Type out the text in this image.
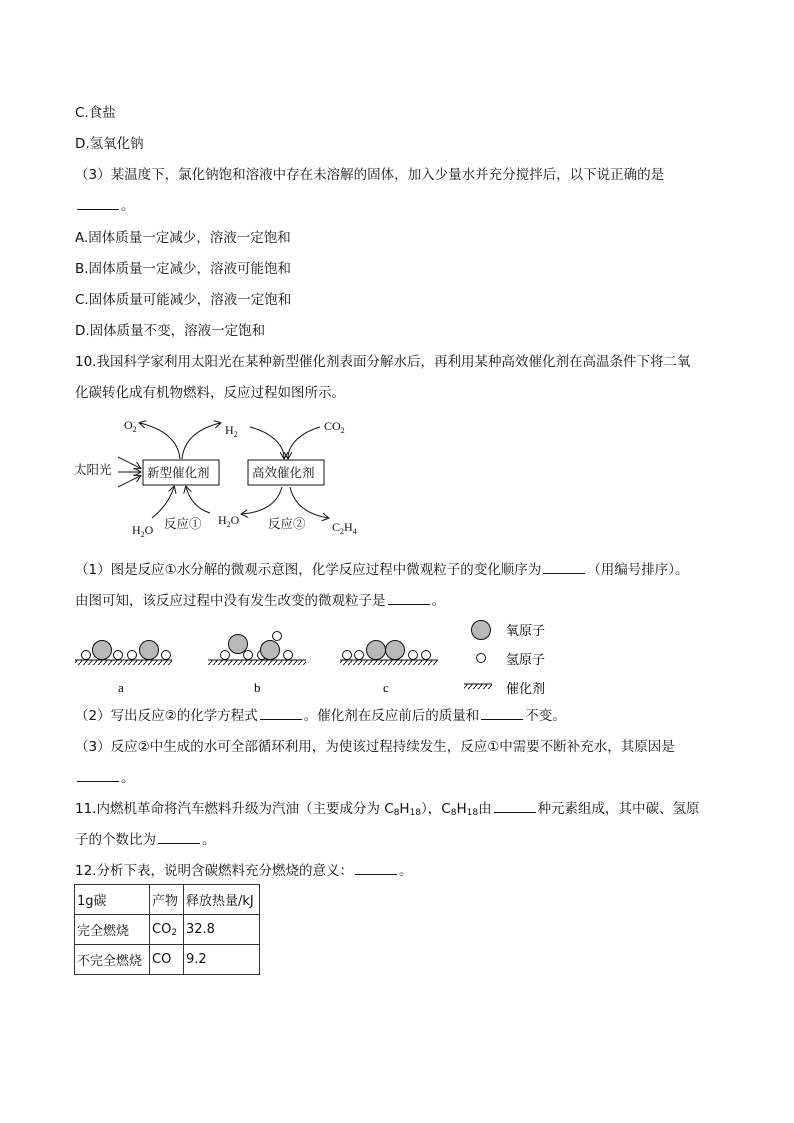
C.食盐
D.氢氧化钠
（3）某温度下，氯化钠饱和溶液中存在未溶解的固体，加入少量水并充分搅拌后，以下说正确的是
。
A.固体质量一定减少，溶液一定饱和
B.固体质量一定减少，溶液可能饱和
C.固体质量可能减少，溶液一定饱和
D.固体质量不变，溶液一定饱和
10.我国科学家利用太阳光在某种新型催化剂表面分解水后，再利用某种高效催化剂在高温条件下将二氧
化碳转化成有机物燃料，反应过程如图所示。
新型催化剂	高效催化剂
太阳光
$O_2$	$H_2$
$CO_2$
$H_2O$ 反应① $H_2O$ 反应② $C_2H_4$
（1）图是反应①水分解的微观示意图，化学反应过程中微观粒子的变化顺序为	（用编号排序）。
由图可知，该反应过程中没有发生改变的微观粒子是	。
a	b	c
氧原子
氢原子
催化剂
（2）写出反应②的化学方程式	。催化剂在反应前后的质量和	不变。
（3）反应②中生成的水可全部循环利用，为使该过程持续发生，反应①中需要不断补充水，其原因是
。
11.内燃机革命将汽车燃料升级为汽油（主要成分为 $C_8H_{18}$），$C_8H_{18}$由	种元素组成，其中碳、氢原
子的个数比为	。
12.分析下表，说明含碳燃料充分燃烧的意义：	。
1g碳	产物	释放热量/kJ
完全燃烧	$CO_2$	32.8
不完全燃烧	CO	9.2
